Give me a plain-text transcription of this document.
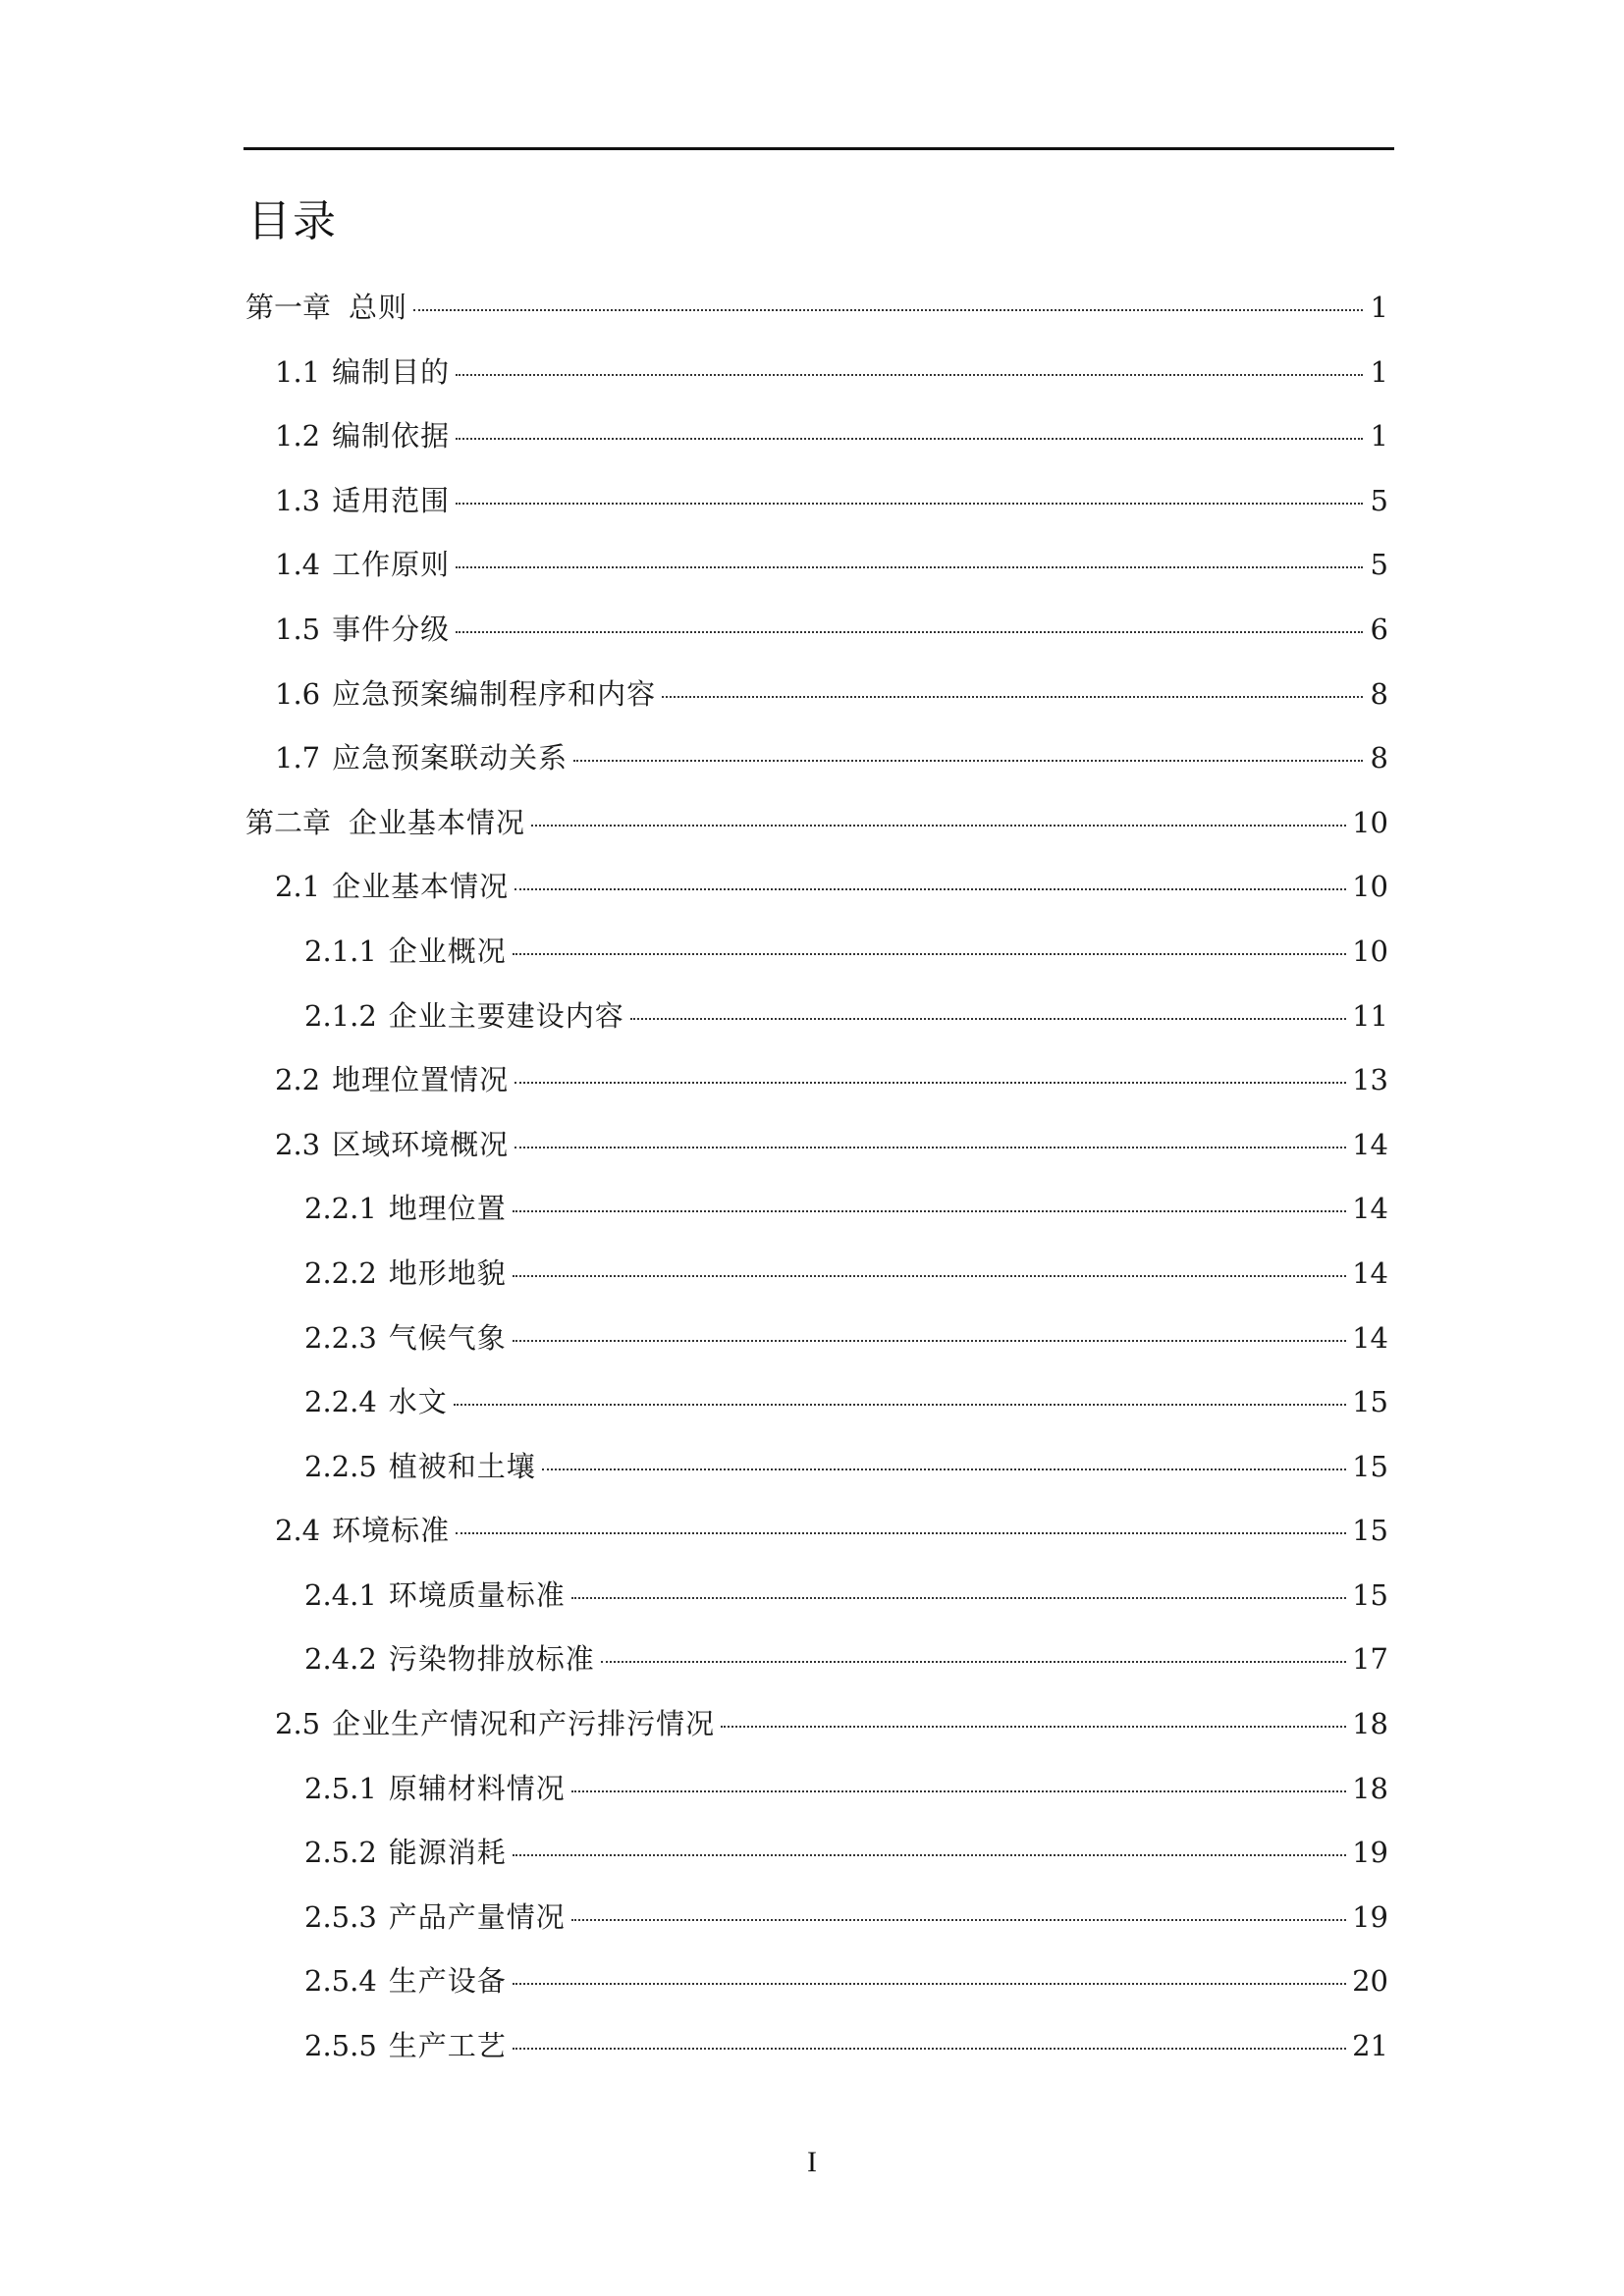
目录
第一章 总则	1
1.1 编制目的	1
1.2 编制依据	1
1.3 适用范围	5
1.4 工作原则	5
1.5 事件分级	6
1.6 应急预案编制程序和内容	8
1.7 应急预案联动关系	8
第二章 企业基本情况	10
2.1 企业基本情况	10
2.1.1 企业概况	10
2.1.2 企业主要建设内容	11
2.2 地理位置情况	13
2.3 区域环境概况	14
2.2.1 地理位置	14
2.2.2 地形地貌	14
2.2.3 气候气象	14
2.2.4 水文	15
2.2.5 植被和土壤	15
2.4 环境标准	15
2.4.1 环境质量标准	15
2.4.2 污染物排放标准	17
2.5 企业生产情况和产污排污情况	18
2.5.1 原辅材料情况	18
2.5.2 能源消耗	19
2.5.3 产品产量情况	19
2.5.4 生产设备	20
2.5.5 生产工艺	21
I
